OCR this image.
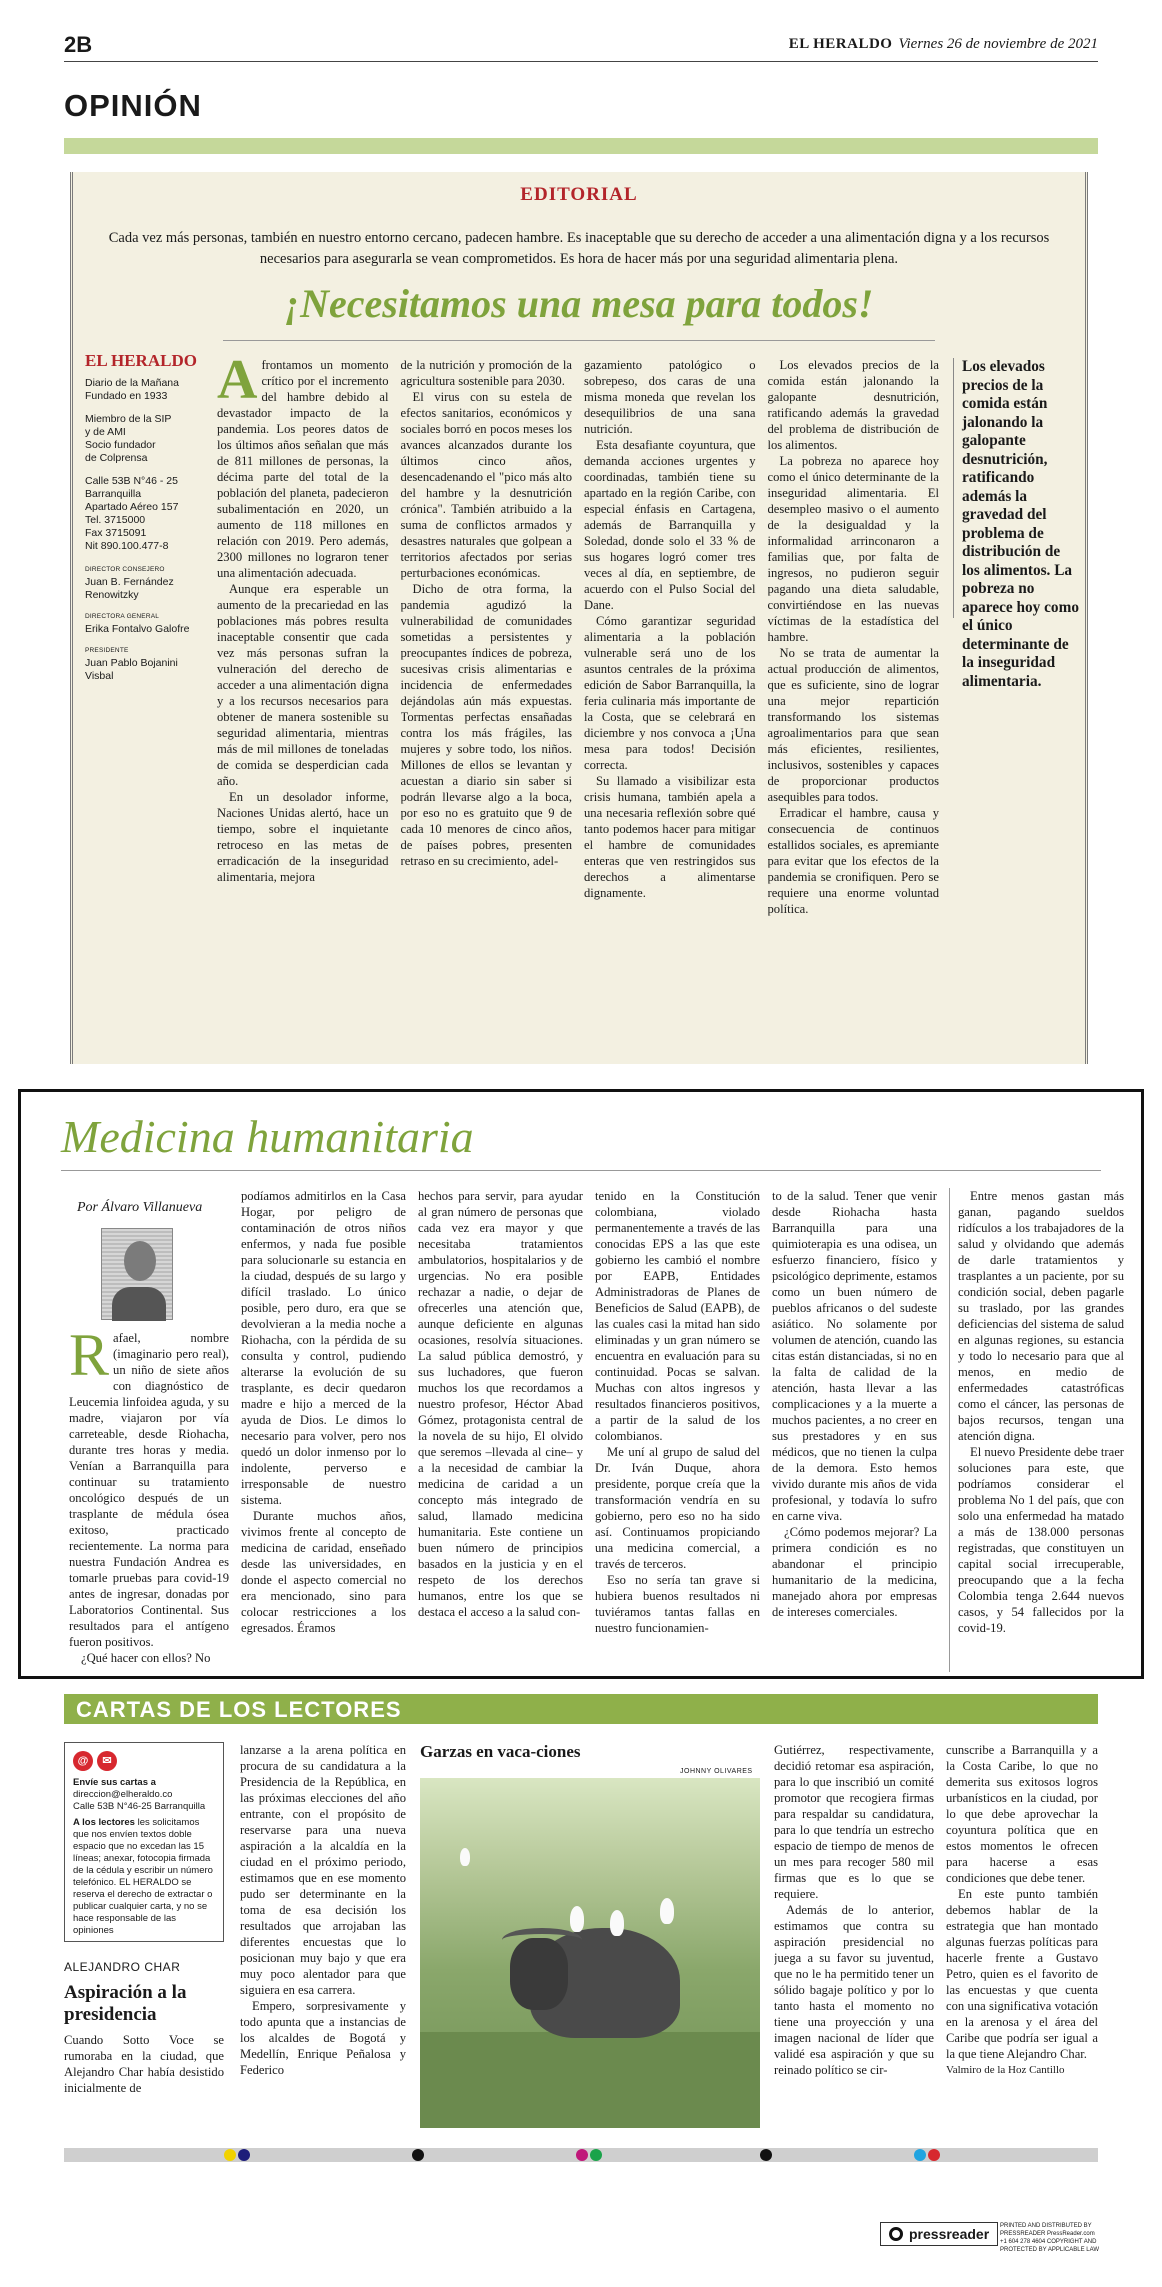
2B	EL HERALDO Viernes 26 de noviembre de 2021
OPINIÓN
EDITORIAL
Cada vez más personas, también en nuestro entorno cercano, padecen hambre. Es inaceptable que su derecho de acceder a una alimentación digna y a los recursos necesarios para asegurarla se vean comprometidos. Es hora de hacer más por una seguridad alimentaria plena.
¡Necesitamos una mesa para todos!
EL HERALDO

Diario de la Mañana
Fundado en 1933

Miembro de la SIP
y de AMI
Socio fundador
de Colprensa

Calle 53B N°46 - 25
Barranquilla
Apartado Aéreo 157
Tel. 3715000
Fax 3715091
Nit 890.100.477-8

DIRECTOR CONSEJERO
Juan B. Fernández Renowitzky
DIRECTORA GENERAL
Erika Fontalvo Galofre
PRESIDENTE
Juan Pablo Bojanini Visbal
A frontamos un momento crítico por el incremento del hambre debido al devastador impacto de la pandemia. Los peores datos de los últimos años señalan que más de 811 millones de personas, la décima parte del total de la población del planeta, padecieron subalimentación en 2020, un aumento de 118 millones en relación con 2019. Pero además, 2300 millones no lograron tener una alimentación adecuada.

Aunque era esperable un aumento de la precariedad en las poblaciones más pobres resulta inaceptable consentir que cada vez más personas sufran la vulneración del derecho de acceder a una alimentación digna y a los recursos necesarios para obtener de manera sostenible su seguridad alimentaria, mientras más de mil millones de toneladas de comida se desperdician cada año.

En un desolador informe, Naciones Unidas alertó, hace un tiempo, sobre el inquietante retroceso en las metas de erradicación de la inseguridad alimentaria, mejora

de la nutrición y promoción de la agricultura sostenible para 2030.

El virus con su estela de efectos sanitarios, económicos y sociales borró en pocos meses los avances alcanzados durante los últimos cinco años, desencadenando el "pico más alto del hambre y la desnutrición crónica". También atribuido a la suma de conflictos armados y desastres naturales que golpean a territorios afectados por serias perturbaciones económicas.

Dicho de otra forma, la pandemia agudizó la vulnerabilidad de comunidades sometidas a persistentes y preocupantes índices de pobreza, sucesivas crisis alimentarias e incidencia de enfermedades dejándolas aún más expuestas. Tormentas perfectas ensañadas contra los más frágiles, las mujeres y sobre todo, los niños. Millones de ellos se levantan y acuestan a diario sin saber si podrán llevarse algo a la boca, por eso no es gratuito que 9 de cada 10 menores de cinco años, de países pobres, presenten retraso en su crecimiento, adel-

gazamiento patológico o sobrepeso, dos caras de una misma moneda que revelan los desequilibrios de una sana nutrición.

Esta desafiante coyuntura, que demanda acciones urgentes y coordinadas, también tiene su apartado en la región Caribe, con especial énfasis en Cartagena, además de Barranquilla y Soledad, donde solo el 33 % de sus hogares logró comer tres veces al día, en septiembre, de acuerdo con el Pulso Social del Dane.

Cómo garantizar seguridad alimentaria a la población vulnerable será uno de los asuntos centrales de la próxima edición de Sabor Barranquilla, la feria culinaria más importante de la Costa, que se celebrará en diciembre y nos convoca a ¡Una mesa para todos! Decisión correcta.

Su llamado a visibilizar esta crisis humana, también apela a una necesaria reflexión sobre qué tanto podemos hacer para mitigar el hambre de comunidades enteras que ven restringidos sus derechos a alimentarse dignamente.

Los elevados precios de la comida están jalonando la galopante desnutrición, ratificando además la gravedad del problema de distribución de los alimentos.

La pobreza no aparece hoy como el único determinante de la inseguridad alimentaria. El desempleo masivo o el aumento de la desigualdad y la informalidad arrinconaron a familias que, por falta de ingresos, no pudieron seguir pagando una dieta saludable, convirtiéndose en las nuevas víctimas de la estadística del hambre.

No se trata de aumentar la actual producción de alimentos, que es suficiente, sino de lograr una mejor repartición transformando los sistemas agroalimentarios para que sean más eficientes, resilientes, inclusivos, sostenibles y capaces de proporcionar productos asequibles para todos.

Erradicar el hambre, causa y consecuencia de continuos estallidos sociales, es apremiante para evitar que los efectos de la pandemia se cronifiquen. Pero se requiere una enorme voluntad política.

Los elevados precios de la comida están jalonando la galopante desnutrición, ratificando además la gravedad del problema de distribución de los alimentos. La pobreza no aparece hoy como el único determinante de la inseguridad alimentaria.
Medicina humanitaria
Por Álvaro Villanueva
R afael, nombre (imaginario pero real), un niño de siete años con diagnóstico de Leucemia linfoidea aguda, y su madre, viajaron por vía carreteable, desde Riohacha, durante tres horas y media. Venían a Barranquilla para continuar su tratamiento oncológico después de un trasplante de médula ósea exitoso, practicado recientemente. La norma para nuestra Fundación Andrea es tomarle pruebas para covid-19 antes de ingresar, donadas por Laboratorios Continental. Sus resultados para el antígeno fueron positivos.

¿Qué hacer con ellos? No

podíamos admitirlos en la Casa Hogar, por peligro de contaminación de otros niños enfermos, y nada fue posible para solucionarle su estancia en la ciudad, después de su largo y difícil traslado. Lo único posible, pero duro, era que se devolvieran a la media noche a Riohacha, con la pérdida de su consulta y control, pudiendo alterarse la evolución de su trasplante, es decir quedaron madre e hijo a merced de la ayuda de Dios. Le dimos lo necesario para volver, pero nos quedó un dolor inmenso por lo indolente, perverso e irresponsable de nuestro sistema.

Durante muchos años, vivimos frente al concepto de medicina de caridad, enseñado desde las universidades, en donde el aspecto comercial no era mencionado, sino para colocar restricciones a los egresados. Éramos

hechos para servir, para ayudar al gran número de personas que cada vez era mayor y que necesitaba tratamientos ambulatorios, hospitalarios y de urgencias. No era posible rechazar a nadie, o dejar de ofrecerles una atención que, aunque deficiente en algunas ocasiones, resolvía situaciones. La salud pública demostró, y sus luchadores, que fueron muchos los que recordamos a nuestro profesor, Héctor Abad Gómez, protagonista central de la novela de su hijo, El olvido que seremos –llevada al cine– y a la necesidad de cambiar la medicina de caridad a un concepto más integrado de salud, llamado medicina humanitaria. Este contiene un buen número de principios basados en la justicia y en el respeto de los derechos humanos, entre los que se destaca el acceso a la salud con-
tenido en la Constitución colombiana, violado permanentemente a través de las conocidas EPS a las que este gobierno les cambió el nombre por EAPB, Entidades Administradoras de Planes de Beneficios de Salud (EAPB), de las cuales casi la mitad han sido eliminadas y un gran número se encuentra en evaluación para su continuidad. Pocas se salvan. Muchas con altos ingresos y resultados financieros positivos, a partir de la salud de los colombianos.

Me uní al grupo de salud del Dr. Iván Duque, ahora presidente, porque creía que la transformación vendría en su gobierno, pero eso no ha sido así. Continuamos propiciando una medicina comercial, a través de terceros.

Eso no sería tan grave si hubiera buenos resultados ni tuviéramos tantas fallas en nuestro funcionamien-

to de la salud. Tener que venir desde Riohacha hasta Barranquilla para una quimioterapia es una odisea, un esfuerzo financiero, físico y psicológico deprimente, estamos como un buen número de pueblos africanos o del sudeste asiático. No solamente por volumen de atención, cuando las citas están distanciadas, si no en la falta de calidad de la atención, hasta llevar a las complicaciones y a la muerte a muchos pacientes, a no creer en sus prestadores y en sus médicos, que no tienen la culpa de la demora. Esto hemos vivido durante mis años de vida profesional, y todavía lo sufro en carne viva.

¿Cómo podemos mejorar? La primera condición es no abandonar el principio humanitario de la medicina, manejado ahora por empresas de intereses comerciales.

Entre menos gastan más ganan, pagando sueldos ridículos a los trabajadores de la salud y olvidando que además de darle tratamientos y trasplantes a un paciente, por su condición social, deben pagarle su traslado, por las grandes deficiencias del sistema de salud en algunas regiones, su estancia y todo lo necesario para que al menos, en medio de enfermedades catastróficas como el cáncer, las personas de bajos recursos, tengan una atención digna.

El nuevo Presidente debe traer soluciones para este, que podríamos considerar el problema No 1 del país, que con solo una enfermedad ha matado a más de 138.000 personas registradas, que constituyen un capital social irrecuperable, preocupando que a la fecha Colombia tenga 2.644 nuevos casos, y 54 fallecidos por la covid-19.

CARTAS DE LOS LECTORES
@	✉
Envíe sus cartas a
direccion@elheraldo.co
Calle 53B N°46-25 Barranquilla
A los lectores les solicitamos que nos envíen textos doble espacio que no excedan las 15 líneas; anexar, fotocopia firmada de la cédula y escribir un número telefónico. EL HERALDO se reserva el derecho de extractar o publicar cualquier carta, y no se hace responsable de las opiniones
ALEJANDRO CHAR
Aspiración a la presidencia
Cuando Sotto Voce se rumoraba en la ciudad, que Alejandro Char había desistido inicialmente de
lanzarse a la arena política en procura de su candidatura a la Presidencia de la República, en las próximas elecciones del año entrante, con el propósito de reservarse para una nueva aspiración a la alcaldía en la ciudad en el próximo periodo, estimamos que en ese momento pudo ser determinante en la toma de esa decisión los resultados que arrojaban las diferentes encuestas que lo posicionan muy bajo y que era muy poco alentador para que siguiera en esa carrera.

Empero, sorpresivamente y todo apunta que a instancias de los alcaldes de Bogotá y Medellín, Enrique Peñalosa y Federico

Garzas en vaca-ciones
JOHNNY OLIVARES
Gutiérrez, respectivamente, decidió retomar esa aspiración, para lo que inscribió un comité promotor que recogiera firmas para respaldar su candidatura, para lo que tendría un estrecho espacio de tiempo de menos de un mes para recoger 580 mil firmas que es lo que se requiere.

Además de lo anterior, estimamos que contra su aspiración presidencial no juega a su favor su juventud, que no le ha permitido tener un sólido bagaje político y por lo tanto hasta el momento no tiene una proyección y una imagen nacional de líder que validé esa aspiración y que su reinado político se cir-

cunscribe a Barranquilla y a la Costa Caribe, lo que no demerita sus exitosos logros urbanísticos en la ciudad, por lo que debe aprovechar la coyuntura política que en estos momentos le ofrecen para hacerse a esas condiciones que debe tener.

En este punto también debemos hablar de la estrategia que han montado algunas fuerzas políticas para hacerle frente a Gustavo Petro, quien es el favorito de las encuestas y que cuenta con una significativa votación en la arenosa y el área del Caribe que podría ser igual a la que tiene Alejandro Char.

Valmiro de la Hoz Cantillo

pressreader PRINTED AND DISTRIBUTED BY PRESSREADER PressReader.com +1 604 278 4604 COPYRIGHT AND PROTECTED BY APPLICABLE LAW
